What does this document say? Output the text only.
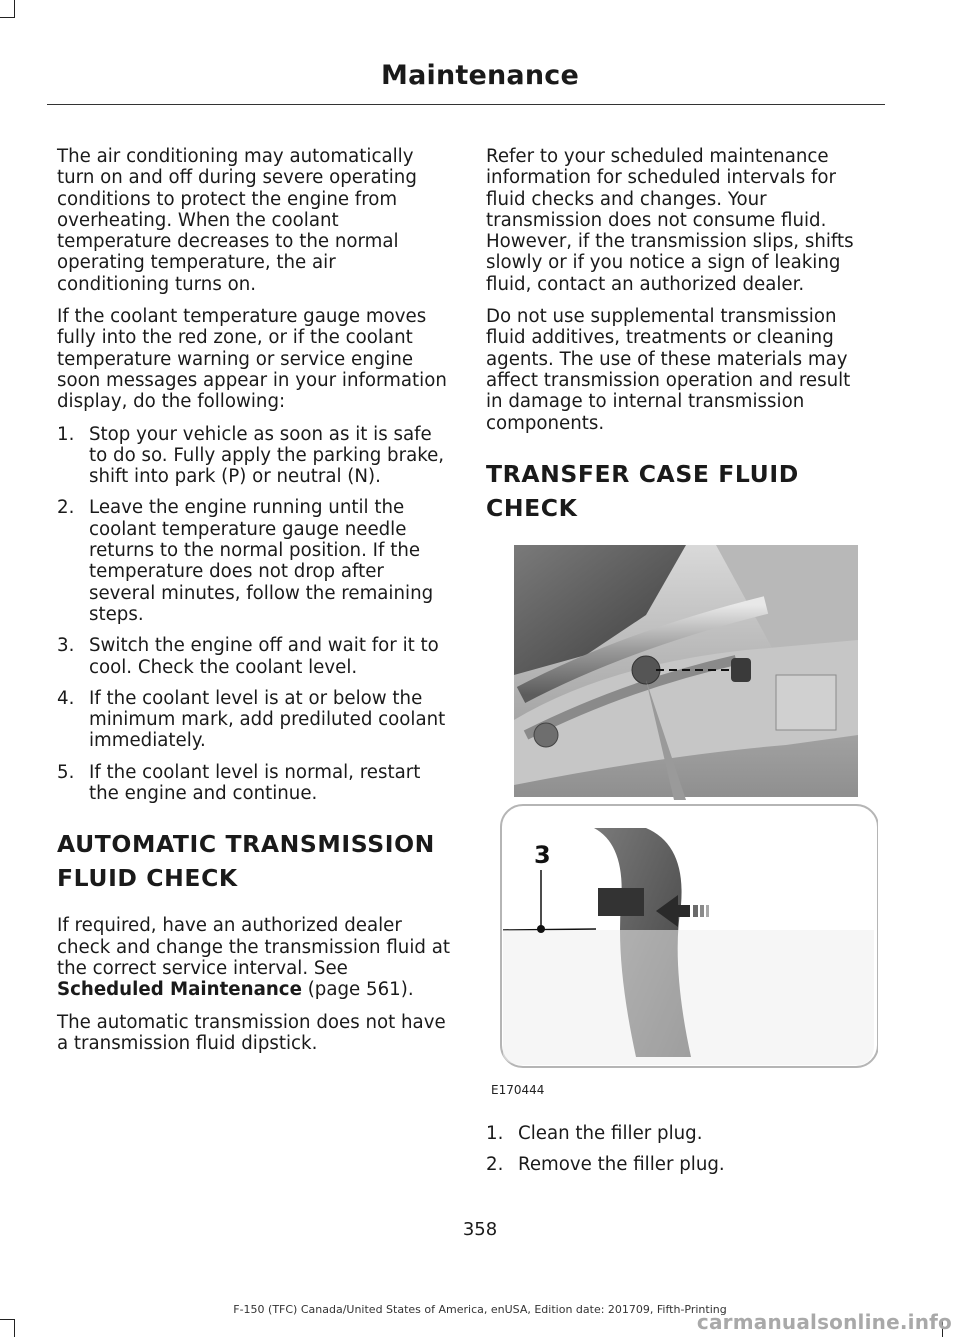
Maintenance

The air conditioning may automatically turn on and off during severe operating conditions to protect the engine from overheating. When the coolant temperature decreases to the normal operating temperature, the air conditioning turns on.

If the coolant temperature gauge moves fully into the red zone, or if the coolant temperature warning or service engine soon messages appear in your information display, do the following:

1. Stop your vehicle as soon as it is safe to do so. Fully apply the parking brake, shift into park (P) or neutral (N).
2. Leave the engine running until the coolant temperature gauge needle returns to the normal position. If the temperature does not drop after several minutes, follow the remaining steps.
3. Switch the engine off and wait for it to cool. Check the coolant level.
4. If the coolant level is at or below the minimum mark, add prediluted coolant immediately.
5. If the coolant level is normal, restart the engine and continue.
AUTOMATIC TRANSMISSION
FLUID CHECK

If required, have an authorized dealer check and change the transmission fluid at the correct service interval. See Scheduled Maintenance (page 561).

The automatic transmission does not have a transmission fluid dipstick.

Refer to your scheduled maintenance information for scheduled intervals for fluid checks and changes. Your transmission does not consume fluid. However, if the transmission slips, shifts slowly or if you notice a sign of leaking fluid, contact an authorized dealer.

Do not use supplemental transmission fluid additives, treatments or cleaning agents. The use of these materials may affect transmission operation and result in damage to internal transmission components.

TRANSFER CASE FLUID
CHECK
3
E170444
1. Clean the filler plug.
2. Remove the filler plug.
358
F-150 (TFC) Canada/United States of America, enUSA, Edition date: 201709, Fifth-Printing
carmanualsonline.info
